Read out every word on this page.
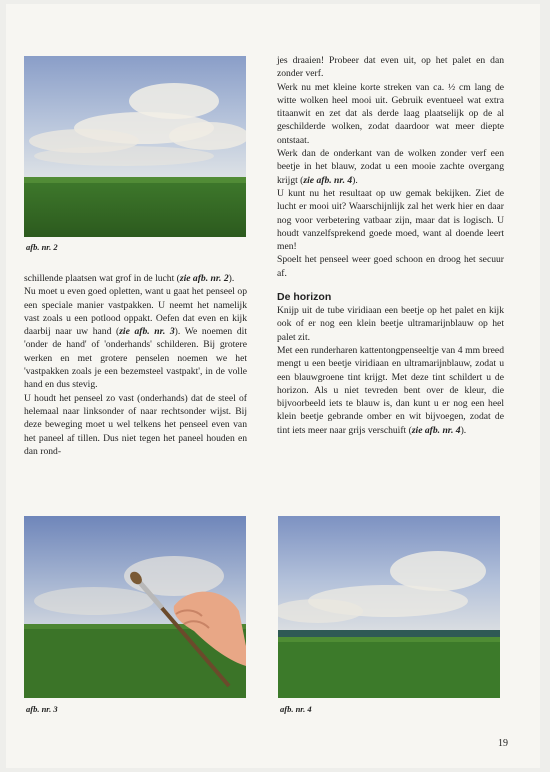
afb. nr. 2

schillende plaatsen wat grof in de lucht (zie afb. nr. 2).

Nu moet u even goed opletten, want u gaat het penseel op een speciale manier vastpakken. U neemt het namelijk vast zoals u een potlood oppakt. Oefen dat even en kijk daarbij naar uw hand (zie afb. nr. 3). We noemen dit 'onder de hand' of 'onderhands' schilderen. Bij grotere werken en met grotere penselen noemen we het 'vastpakken zoals je een bezemsteel vastpakt', in de volle hand en dus stevig.

U houdt het penseel zo vast (onderhands) dat de steel of helemaal naar linksonder of naar rechtsonder wijst. Bij deze beweging moet u wel telkens het penseel even van het paneel af tillen. Dus niet tegen het paneel houden en dan rond-

jes draaien! Probeer dat even uit, op het palet en dan zonder verf.

Werk nu met kleine korte streken van ca. ½ cm lang de witte wolken heel mooi uit. Gebruik eventueel wat extra titaanwit en zet dat als derde laag plaatselijk op de al geschilderde wolken, zodat daardoor wat meer diepte ontstaat.

Werk dan de onderkant van de wolken zonder verf een beetje in het blauw, zodat u een mooie zachte overgang krijgt (zie afb. nr. 4).

U kunt nu het resultaat op uw gemak bekijken. Ziet de lucht er mooi uit? Waarschijnlijk zal het werk hier en daar nog voor verbetering vatbaar zijn, maar dat is logisch. U houdt vanzelfsprekend goede moed, want al doende leert men!

Spoelt het penseel weer goed schoon en droog het secuur af.

De horizon

Knijp uit de tube viridiaan een beetje op het palet en kijk ook of er nog een klein beetje ultramarijnblauw op het palet zit.

Met een runderharen kattentongpenseeltje van 4 mm breed mengt u een beetje viridiaan en ultramarijnblauw, zodat u een blauwgroene tint krijgt. Met deze tint schildert u de horizon. Als u niet tevreden bent over de kleur, die bijvoorbeeld iets te blauw is, dan kunt u er nog een heel klein beetje gebrande omber en wit bijvoegen, zodat de tint iets meer naar grijs verschuift (zie afb. nr. 4).

afb. nr. 3	afb. nr. 4
19
